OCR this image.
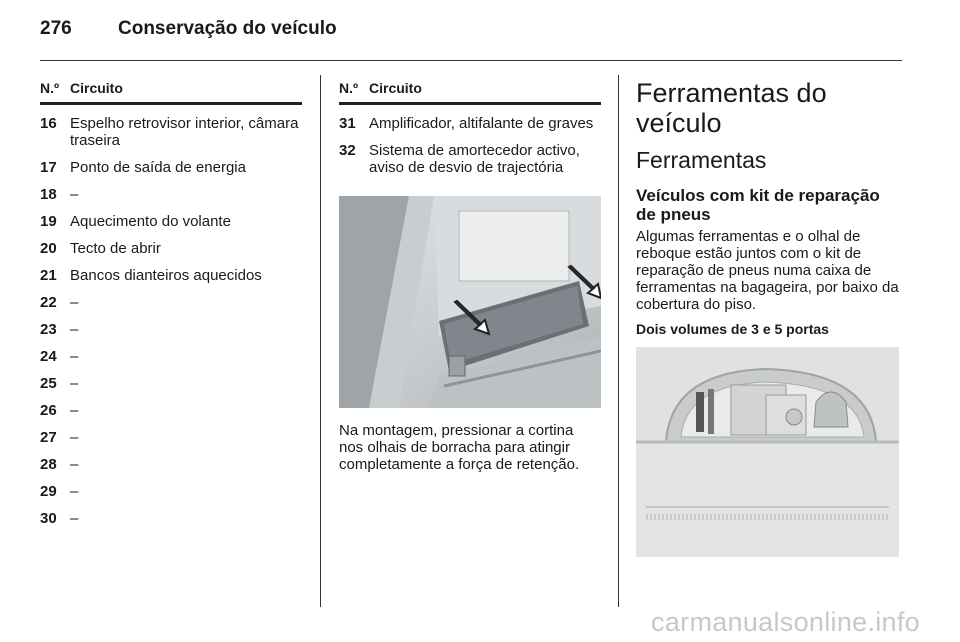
276	Conservação do veículo
N.º Circuito
16 Espelho retrovisor interior, câmara traseira
17 Ponto de saída de energia
18 –
19 Aquecimento do volante
20 Tecto de abrir
21 Bancos dianteiros aquecidos
22 –
23 –
24 –
25 –
26 –
27 –
28 –
29 –
30 –
N.º Circuito
31 Amplificador, altifalante de graves
32 Sistema de amortecedor activo, aviso de desvio de trajectória
Na montagem, pressionar a cortina nos olhais de borracha para atingir completamente a força de retenção.
Ferramentas do veículo
Ferramentas
Veículos com kit de reparação de pneus
Algumas ferramentas e o olhal de reboque estão juntos com o kit de reparação de pneus numa caixa de ferramentas na bagageira, por baixo da cobertura do piso.
Dois volumes de 3 e 5 portas
carmanualsonline.info
